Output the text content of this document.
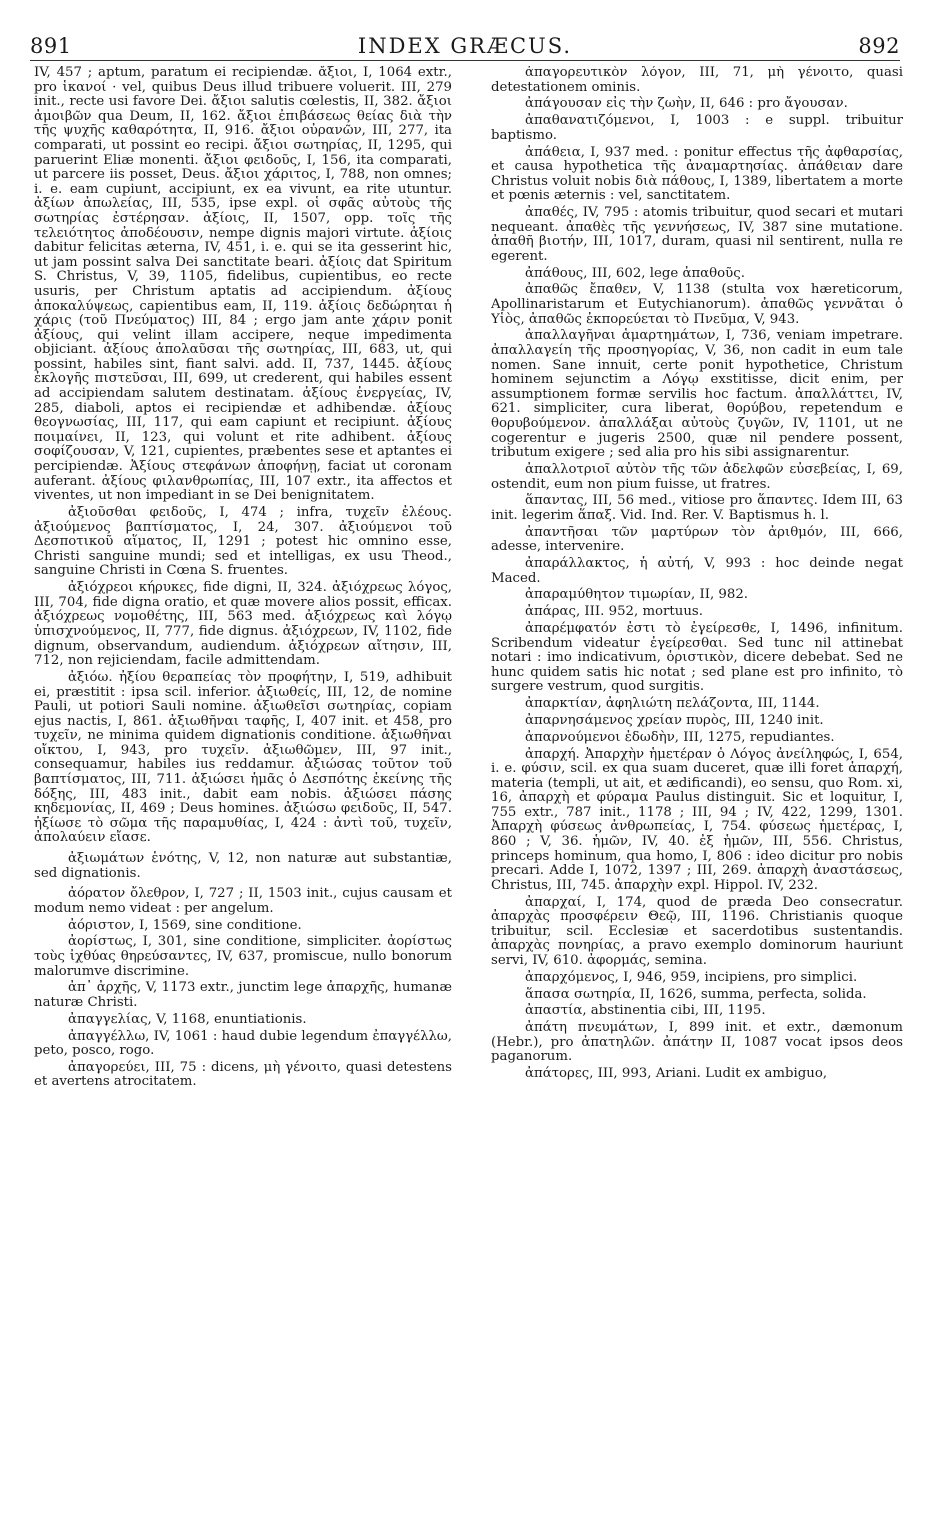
891	INDEX GRÆCUS.	892

IV, 457 ; aptum, paratum ei recipiendæ. ἄξιοι, I, 1064 extr., pro ἱκανοί · vel, quibus Deus illud tribuere voluerit. III, 279 init., recte usi favore Dei. ἄξιοι salutis cœlestis, II, 382. ἄξιοι ἀμοιβῶν qua Deum, II, 162. ἄξιοι ἐπιβάσεως θείας διὰ τὴν τῆς ψυχῆς καθαρότητα, II, 916. ἄξιοι οὐρανῶν, III, 277, ita comparati, ut possint eo recipi. ἄξιοι σωτηρίας, II, 1295, qui paruerint Eliæ monenti. ἄξιοι φειδοῦς, I, 156, ita comparati, ut parcere iis posset, Deus. ἄξιοι χάριτος, I, 788, non omnes; i. e. eam cupiunt, accipiunt, ex ea vivunt, ea rite utuntur. ἀξίων ἀπωλείας, III, 535, ipse expl. οἱ σφᾶς αὐτοὺς τῆς σωτηρίας ἐστέρησαν. ἀξίοις, II, 1507, opp. τοῖς τῆς τελειότητος ἀποδέουσιν, nempe dignis majori virtute. ἀξίοις dabitur felicitas æterna, IV, 451, i. e. qui se ita gesserint hic, ut jam possint salva Dei sanctitate beari. ἀξίοις dat Spiritum S. Christus, V, 39, 1105, fidelibus, cupientibus, eo recte usuris, per Christum aptatis ad accipiendum. ἀξίους ἀποκαλύψεως, capientibus eam, II, 119. ἀξίοις δεδώρηται ἡ χάρις (τοῦ Πνεύματος) III, 84 ; ergo jam ante χάριν ponit ἀξίους, qui velint illam accipere, neque impedimenta objiciant. ἀξίους ἀπολαῦσαι τῆς σωτηρίας, III, 683, ut, qui possint, habiles sint, fiant salvi. add. II, 737, 1445. ἀξίους ἐκλογῆς πιστεῦσαι, III, 699, ut crederent, qui habiles essent ad accipiendam salutem destinatam. ἀξίους ἐνεργείας, IV, 285, diaboli, aptos ei recipiendæ et adhibendæ. ἀξίους θεογνωσίας, III, 117, qui eam capiunt et recipiunt. ἀξίους ποιμαίνει, II, 123, qui volunt et rite adhibent. ἀξίους σοφίζουσαν, V, 121, cupientes, præbentes sese et aptantes ei percipiendæ. Ἀξίους στεφάνων ἀποφήνῃ, faciat ut coronam auferant. ἀξίους φιλανθρωπίας, III, 107 extr., ita affectos et viventes, ut non impediant in se Dei benignitatem.

ἀξιοῦσθαι φειδοῦς, I, 474 ; infra, τυχεῖν ἐλέους. ἀξιούμενος βαπτίσματος, I, 24, 307. ἀξιούμενοι τοῦ Δεσποτικοῦ αἵματος, II, 1291 ; potest hic omnino esse, Christi sanguine mundi; sed et intelligas, ex usu Theod., sanguine Christi in Cœna S. fruentes.

ἀξιόχρεοι κήρυκες, fide digni, II, 324. ἀξιόχρεως λόγος, III, 704, fide digna oratio, et quæ movere alios possit, efficax. ἀξιόχρεως νομοθέτης, III, 563 med. ἀξιόχρεως καὶ λόγῳ ὑπισχνούμενος, II, 777, fide dignus. ἀξιόχρεων, IV, 1102, fide dignum, observandum, audiendum. ἀξιόχρεων αἴτησιν, III, 712, non rejiciendam, facile admittendam.

ἀξιόω. ἠξίου θεραπείας τὸν προφήτην, I, 519, adhibuit ei, præstitit : ipsa scil. inferior. ἀξιωθείς, III, 12, de nomine Pauli, ut potiori Sauli nomine. ἀξιωθεῖσι σωτηρίας, copiam ejus nactis, I, 861. ἀξιωθῆναι ταφῆς, I, 407 init. et 458, pro τυχεῖν, ne minima quidem dignationis conditione. ἀξιωθῆναι οἴκτου, I, 943, pro τυχεῖν. ἀξιωθῶμεν, III, 97 init., consequamur, habiles ius reddamur. ἀξιώσας τοῦτον τοῦ βαπτίσματος, III, 711. ἀξιώσει ἡμᾶς ὁ Δεσπότης ἐκείνης τῆς δόξης, III, 483 init., dabit eam nobis. ἀξιώσει πάσης κηδεμονίας, II, 469 ; Deus homines. ἀξιώσω φειδοῦς, II, 547. ἠξίωσε τὸ σῶμα τῆς παραμυθίας, I, 424 : ἀντὶ τοῦ, τυχεῖν, ἀπολαύειν εἴασε.

ἀξιωμάτων ἑνότης, V, 12, non naturæ aut substantiæ, sed dignationis.

ἀόρατον ὄλεθρον, I, 727 ; II, 1503 init., cujus causam et modum nemo videat : per angelum.

ἀόριστον, I, 1569, sine conditione.

ἀορίστως, I, 301, sine conditione, simpliciter. ἀορίστως τοὺς ἰχθύας θηρεύσαντες, IV, 637, promiscue, nullo bonorum malorumve discrimine.

ἀπ᾽ ἀρχῆς, V, 1173 extr., junctim lege ἀπαρχῆς, humanæ naturæ Christi.

ἀπαγγελίας, V, 1168, enuntiationis.

ἀπαγγέλλω, IV, 1061 : haud dubie legendum ἐπαγγέλλω, peto, posco, rogo.

ἀπαγορεύει, III, 75 : dicens, μὴ γένοιτο, quasi detestens et avertens atrocitatem.

ἀπαγορευτικὸν λόγον, III, 71, μὴ γένοιτο, quasi detestationem ominis.

ἀπάγουσαν εἰς τὴν ζωὴν, II, 646 : pro ἄγουσαν.

ἀπαθανατιζόμενοι, I, 1003 : e suppl. tribuitur baptismo.

ἀπάθεια, I, 937 med. : ponitur effectus τῆς ἀφθαρσίας, et causa hypothetica τῆς ἀναμαρτησίας. ἀπάθειαν dare Christus voluit nobis διὰ πάθους, I, 1389, libertatem a morte et pœnis æternis : vel, sanctitatem.

ἀπαθές, IV, 795 : atomis tribuitur, quod secari et mutari nequeant. ἀπαθὲς τῆς γεννήσεως, IV, 387 sine mutatione. ἀπαθῆ βιοτήν, III, 1017, duram, quasi nil sentirent, nulla re egerent.

ἀπάθους, III, 602, lege ἀπαθοῦς.

ἀπαθῶς ἔπαθεν, V, 1138 (stulta vox hæreticorum, Apollinaristarum et Eutychianorum). ἀπαθῶς γεννᾶται ὁ Υἱὸς, ἀπαθῶς ἐκπορεύεται τὸ Πνεῦμα, V, 943.

ἀπαλλαγῆναι ἁμαρτημάτων, I, 736, veniam impetrare. ἀπαλλαγείη τῆς προσηγορίας, V, 36, non cadit in eum tale nomen. Sane innuit, certe ponit hypothetice, Christum hominem sejunctim a Λόγῳ exstitisse, dicit enim, per assumptionem formæ servilis hoc factum. ἀπαλλάττει, IV, 621. simpliciter, cura liberat, θορύβου, repetendum e θορυβούμενον. ἀπαλλάξαι αὐτοὺς ζυγῶν, IV, 1101, ut ne cogerentur e jugeris 2500, quæ nil pendere possent, tributum exigere ; sed alia pro his sibi assignarentur.

ἀπαλλοτριοῖ αὐτὸν τῆς τῶν ἀδελφῶν εὐσεβείας, I, 69, ostendit, eum non pium fuisse, ut fratres.

ἅπαντας, III, 56 med., vitiose pro ἅπαντες. Idem III, 63 init. legerim ἅπαξ. Vid. Ind. Rer. V. Baptismus h. l.

ἀπαντῆσαι τῶν μαρτύρων τὸν ἀριθμόν, III, 666, adesse, intervenire.

ἀπαράλλακτος, ἡ αὐτή, V, 993 : hoc deinde negat Maced.

ἀπαραμύθητον τιμωρίαν, II, 982.

ἀπάρας, III. 952, mortuus.

ἀπαρέμφατόν ἐστι τὸ ἐγείρεσθε, I, 1496, infinitum. Scribendum videatur ἐγείρεσθαι. Sed tunc nil attinebat notari : imo indicativum, ὁριστικὸν, dicere debebat. Sed ne hunc quidem satis hic notat ; sed plane est pro infinito, τὸ surgere vestrum, quod surgitis.

ἀπαρκτίαν, ἀφηλιώτη πελάζοντα, III, 1144.

ἀπαρνησάμενος χρείαν πυρὸς, III, 1240 init.

ἀπαρνούμενοι ἐδωδὴν, III, 1275, repudiantes.

ἀπαρχή. Ἀπαρχὴν ἡμετέραν ὁ Λόγος ἀνείληφώς, I, 654, i. e. φύσιν, scil. ex qua suam duceret, quæ illi foret ἀπαρχή, materia (templi, ut ait, et ædificandi), eo sensu, quo Rom. xi, 16, ἀπαρχὴ et φύραμα Paulus distinguit. Sic et loquitur, I, 755 extr., 787 init., 1178 ; III, 94 ; IV, 422, 1299, 1301. Ἀπαρχὴ φύσεως ἀνθρωπείας, I, 754. φύσεως ἡμετέρας, I, 860 ; V, 36. ἡμῶν, IV, 40. ἐξ ἡμῶν, III, 556. Christus, princeps hominum, qua homo, I, 806 : ideo dicitur pro nobis precari. Adde I, 1072, 1397 ; III, 269. ἀπαρχὴ ἀναστάσεως, Christus, III, 745. ἀπαρχὴν expl. Hippol. IV, 232.

ἀπαρχαί, I, 174, quod de præda Deo consecratur. ἀπαρχὰς προσφέρειν Θεῷ, III, 1196. Christianis quoque tribuitur, scil. Ecclesiæ et sacerdotibus sustentandis. ἀπαρχὰς πονηρίας, a pravo exemplo dominorum hauriunt servi, IV, 610. ἀφορμάς, semina.

ἀπαρχόμενος, I, 946, 959, incipiens, pro simplici.

ἅπασα σωτηρία, II, 1626, summa, perfecta, solida.

ἀπαστία, abstinentia cibi, III, 1195.

ἀπάτη πνευμάτων, I, 899 init. et extr., dæmonum (Hebr.), pro ἀπατηλῶν. ἀπάτην II, 1087 vocat ipsos deos paganorum.

ἀπάτορες, III, 993, Ariani. Ludit ex ambiguo,
